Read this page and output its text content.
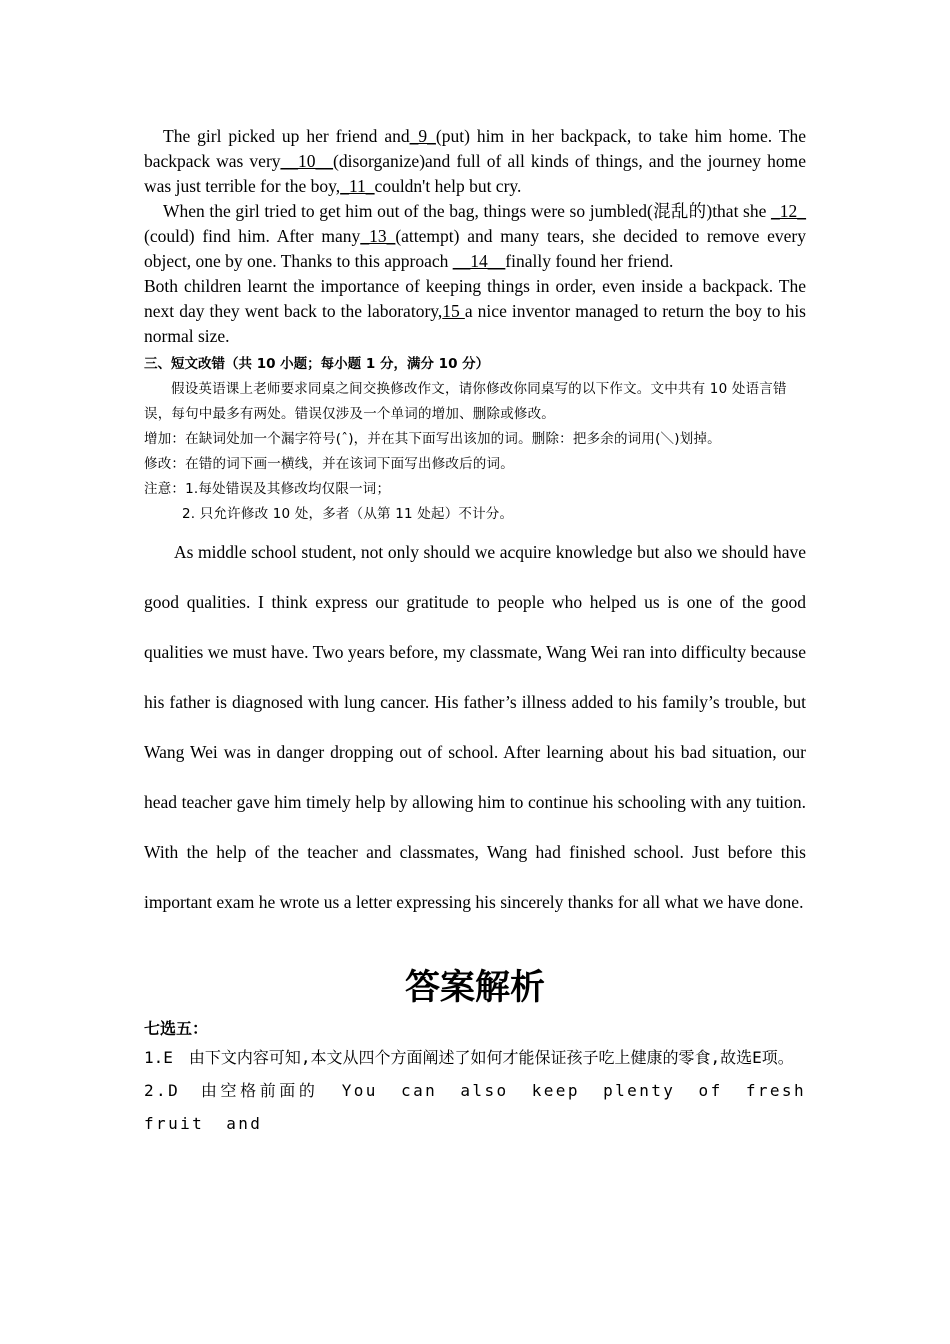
The girl picked up her friend and_9_(put) him in her backpack, to take him home. The backpack was very__10__(disorganize)and full of all kinds of things, and the journey home was just terrible for the boy,_11_couldn't help but cry.

When the girl tried to get him out of the bag, things were so jumbled(混乱的)that she _12_ (could) find him. After many_13_(attempt) and many tears, she decided to remove every object, one by one. Thanks to this approach __14__finally found her friend.

Both children learnt the importance of keeping things in order, even inside a backpack. The next day they went back to the laboratory,15 a nice inventor managed to return the boy to his normal size.

三、短文改错（共 10 小题；每小题 1 分，满分 10 分）

假设英语课上老师要求同桌之间交换修改作文，请你修改你同桌写的以下作文。文中共有 10 处语言错误，每句中最多有两处。错误仅涉及一个单词的增加、删除或修改。

增加：在缺词处加一个漏字符号(ˆ)，并在其下面写出该加的词。删除：把多余的词用(＼)划掉。

修改：在错的词下画一横线，并在该词下面写出修改后的词。

注意：1.每处错误及其修改均仅限一词；

2. 只允许修改 10 处，多者（从第 11 处起）不计分。

As middle school student, not only should we acquire knowledge but also we should have good qualities. I think express our gratitude to people who helped us is one of the good qualities we must have. Two years before, my classmate, Wang Wei ran into difficulty because his father is diagnosed with lung cancer. His father’s illness added to his family’s trouble, but Wang Wei was in danger dropping out of school. After learning about his bad situation, our head teacher gave him timely help by allowing him to continue his schooling with any tuition. With the help of the teacher and classmates, Wang had finished school. Just before this important exam he wrote us a letter expressing his sincerely thanks for all what we have done.

答案解析

七选五：

1.E　由下文内容可知,本文从四个方面阐述了如何才能保证孩子吃上健康的零食,故选E项。

2.D　由空格前面的 You can also keep plenty of fresh fruit and
